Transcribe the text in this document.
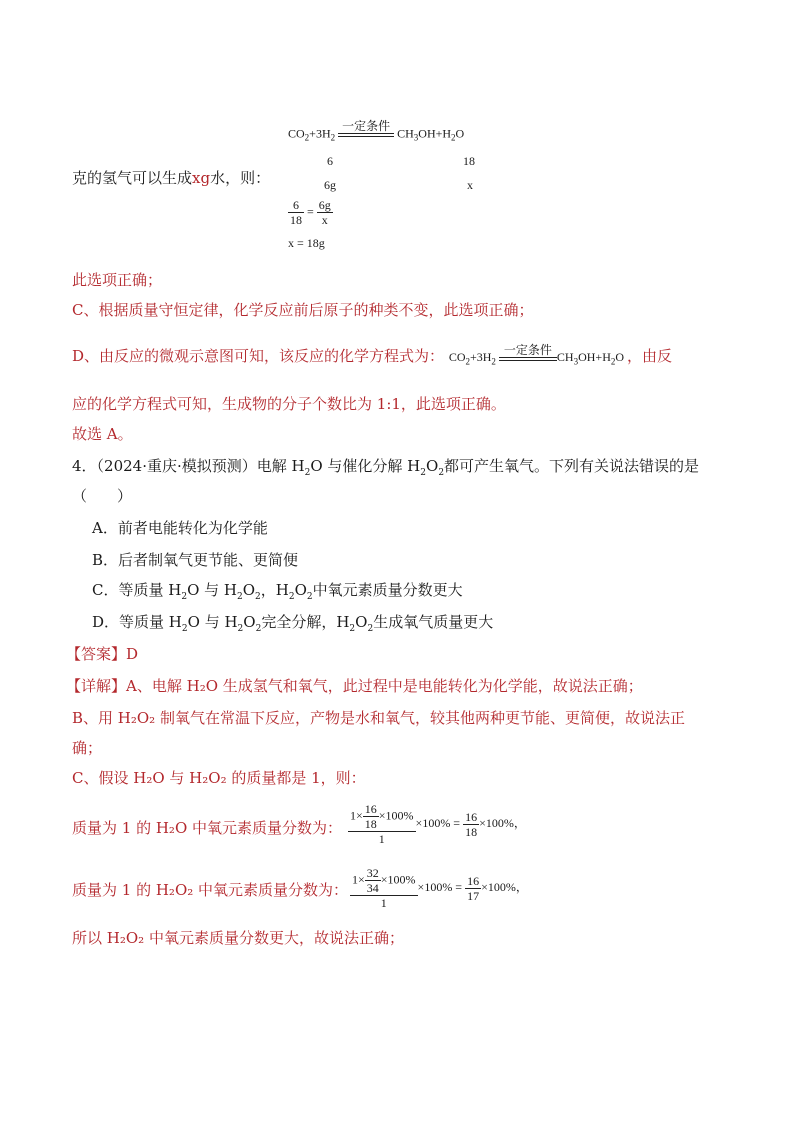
$CO_2+3H_2$
一定条件
$CH_3OH+H_2O$
6	18
克的氢气可以生成xg水，则：	6g	x
$\frac{6}{18} = \frac{6g}{x}$
x = 18g
此选项正确；
C、根据质量守恒定律，化学反应前后原子的种类不变，此选项正确；
D、由反应的微观示意图可知，该反应的化学方程式为： $CO_2+3H_2$
一定条件
$CH_3OH+H_2O$ ，由反
应的化学方程式可知，生成物的分子个数比为 1:1，此选项正确。
故选 A。
4．（2024·重庆·模拟预测）电解 $H_2O$ 与催化分解 $H_2O_2$都可产生氧气。下列有关说法错误的是
（　　）
A．前者电能转化为化学能
B．后者制氧气更节能、更简便
C．等质量 $H_2O$ 与 $H_2O_2$，$H_2O_2$中氧元素质量分数更大
D．等质量 $H_2O$ 与 $H_2O_2$完全分解，$H_2O_2$生成氧气质量更大
【答案】D
【详解】A、电解 H₂O 生成氢气和氧气，此过程中是电能转化为化学能，故说法正确；
B、用 H₂O₂ 制氧气在常温下反应，产物是水和氧气，较其他两种更节能、更简便，故说法正
确；
C、假设 H₂O 与 H₂O₂ 的质量都是 1，则：
质量为 1 的 H₂O 中氧元素质量分数为： $\frac{1\times \frac{16}{18} \times 100\%}{1} \times 100\% = \frac{16}{18} \times 100\%$，
质量为 1 的 H₂O₂ 中氧元素质量分数为： $\frac{1\times \frac{32}{34} \times 100\%}{1} \times 100\% = \frac{16}{17} \times 100\%$，
所以 H₂O₂ 中氧元素质量分数更大，故说法正确；
